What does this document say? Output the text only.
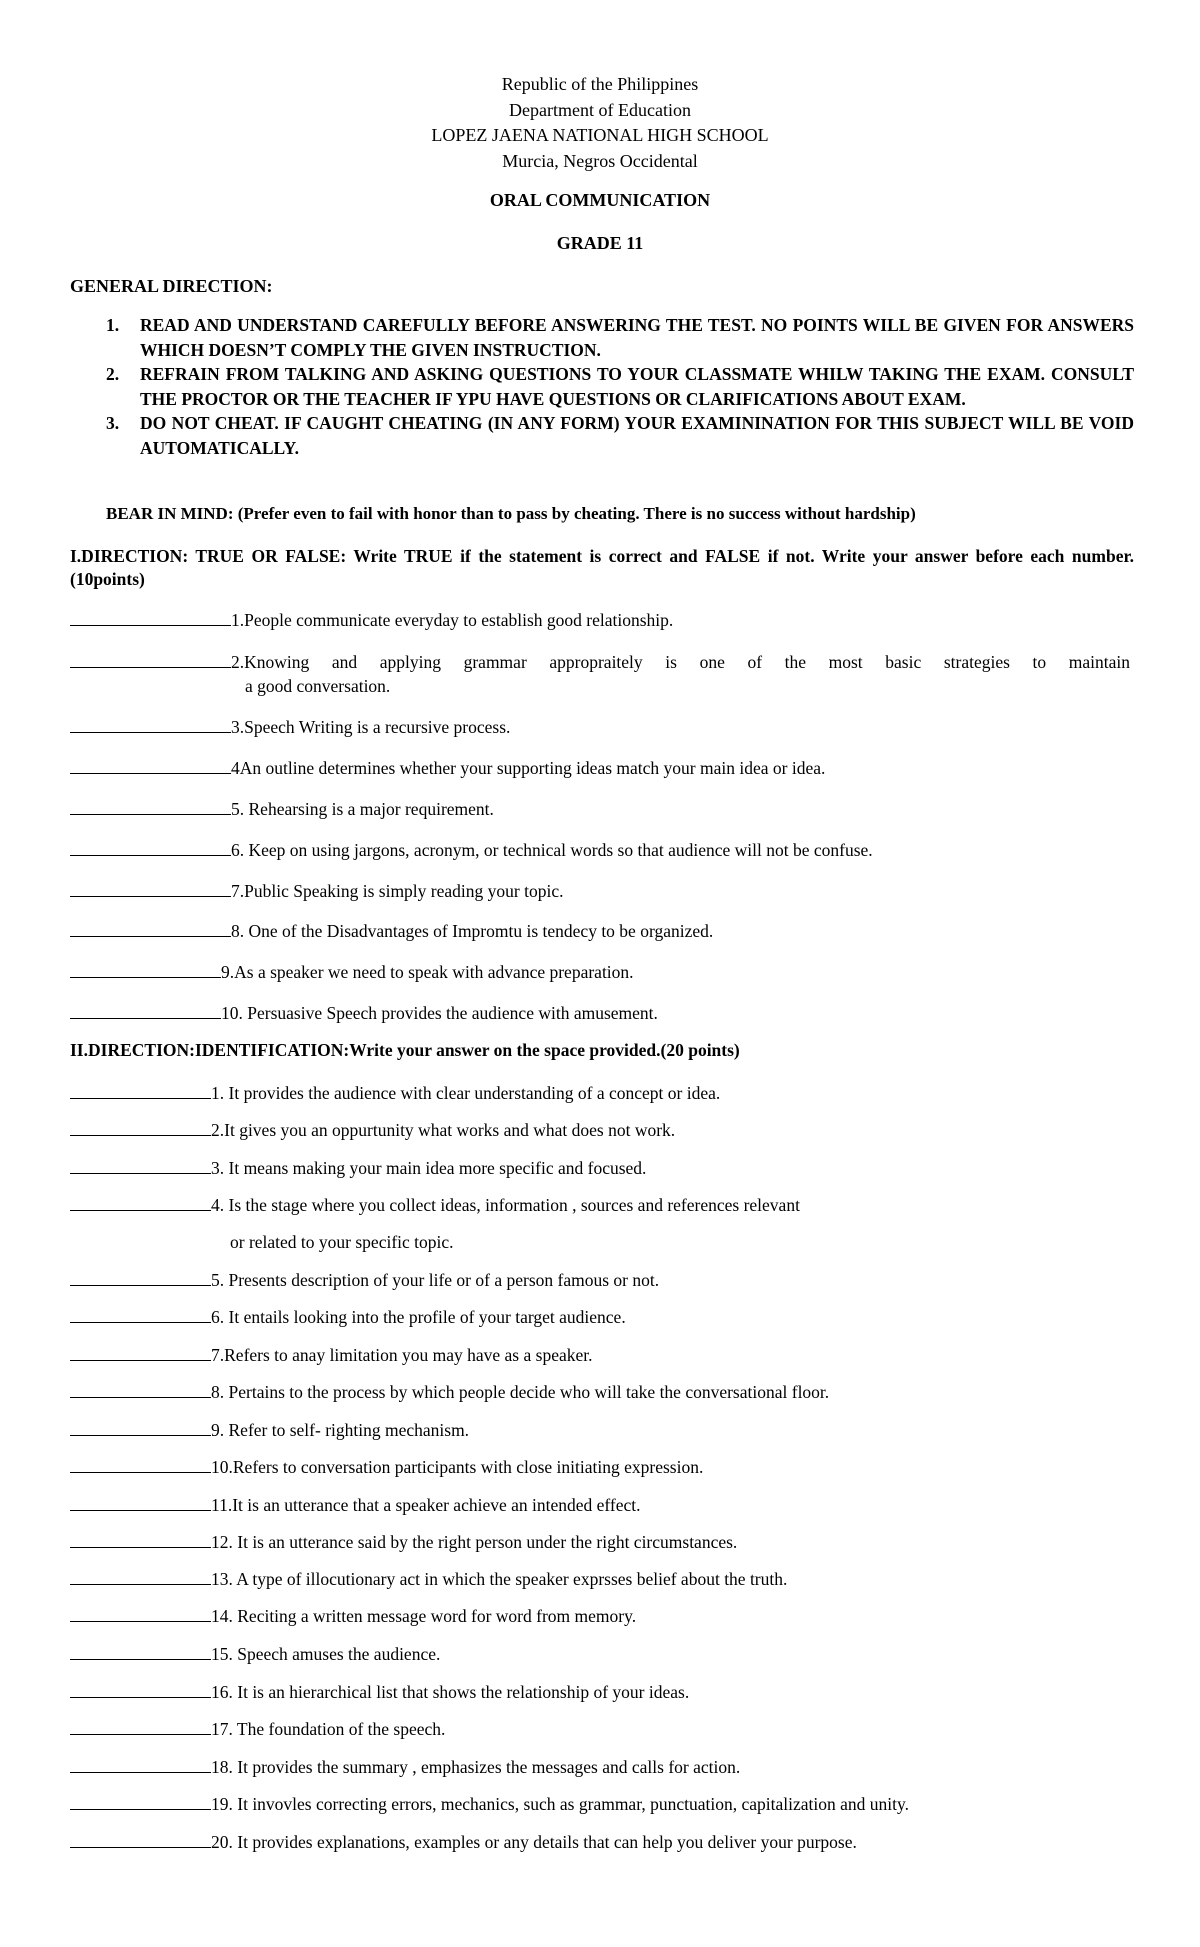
Republic of the Philippines
Department of Education
LOPEZ JAENA NATIONAL HIGH SCHOOL
Murcia, Negros Occidental
ORAL COMMUNICATION
GRADE 11
GENERAL DIRECTION:
1.	READ AND UNDERSTAND CAREFULLY BEFORE ANSWERING THE TEST. NO POINTS WILL BE GIVEN FOR ANSWERS WHICH DOESN’T COMPLY THE GIVEN INSTRUCTION.
2.	REFRAIN FROM TALKING AND ASKING QUESTIONS TO YOUR CLASSMATE WHILW TAKING THE EXAM. CONSULT THE PROCTOR OR THE TEACHER IF YPU HAVE QUESTIONS OR CLARIFICATIONS ABOUT EXAM.
3.	DO NOT CHEAT. IF CAUGHT CHEATING (IN ANY FORM) YOUR EXAMININATION FOR THIS SUBJECT WILL BE VOID AUTOMATICALLY.
BEAR IN MIND: (Prefer even to fail with honor than to pass by cheating. There is no success without hardship)
I.DIRECTION: TRUE OR FALSE: Write TRUE if the statement is correct and FALSE if not. Write your answer before each number.(10points)
1.People communicate everyday to establish good relationship.
2.Knowing and applying grammar appropraitely is one of the most basic strategies to maintain
a good conversation.
3.Speech Writing is a recursive process.
4An outline determines whether your supporting ideas match your main idea or idea.
5. Rehearsing is a major requirement.
6. Keep on using jargons, acronym, or technical words so that audience will not be confuse.
7.Public Speaking is simply reading your topic.
8. One of the Disadvantages of Impromtu is tendecy to be organized.
9.As a speaker we need to speak with advance preparation.
10. Persuasive Speech provides the audience with amusement.
II.DIRECTION:IDENTIFICATION:Write your answer on the space provided.(20 points)
1. It provides the audience with clear understanding of a concept or idea.
2.It gives you an oppurtunity what works and what does not work.
3. It means making your main idea more specific and focused.
4. Is the stage where you collect ideas, information , sources and references relevant
or related to your specific topic.
5. Presents description of your life or of a person famous or not.
6. It entails looking into the profile of your target audience.
7.Refers to anay limitation you may have as a speaker.
8. Pertains to the process by which people decide who will take the conversational floor.
9. Refer to self- righting mechanism.
10.Refers to conversation participants with close initiating expression.
11.It is an utterance that a speaker achieve an intended effect.
12. It is an utterance said by the right person under the right circumstances.
13. A type of illocutionary act in which the speaker exprsses belief about the truth.
14. Reciting a written message word for word from memory.
15. Speech amuses the audience.
16. It is an hierarchical list that shows the relationship of your ideas.
17. The foundation of the speech.
18. It provides the summary , emphasizes the messages and calls for action.
19. It invovles correcting errors, mechanics, such as grammar, punctuation, capitalization and unity.
20. It provides explanations, examples or any details that can help you deliver your purpose.
